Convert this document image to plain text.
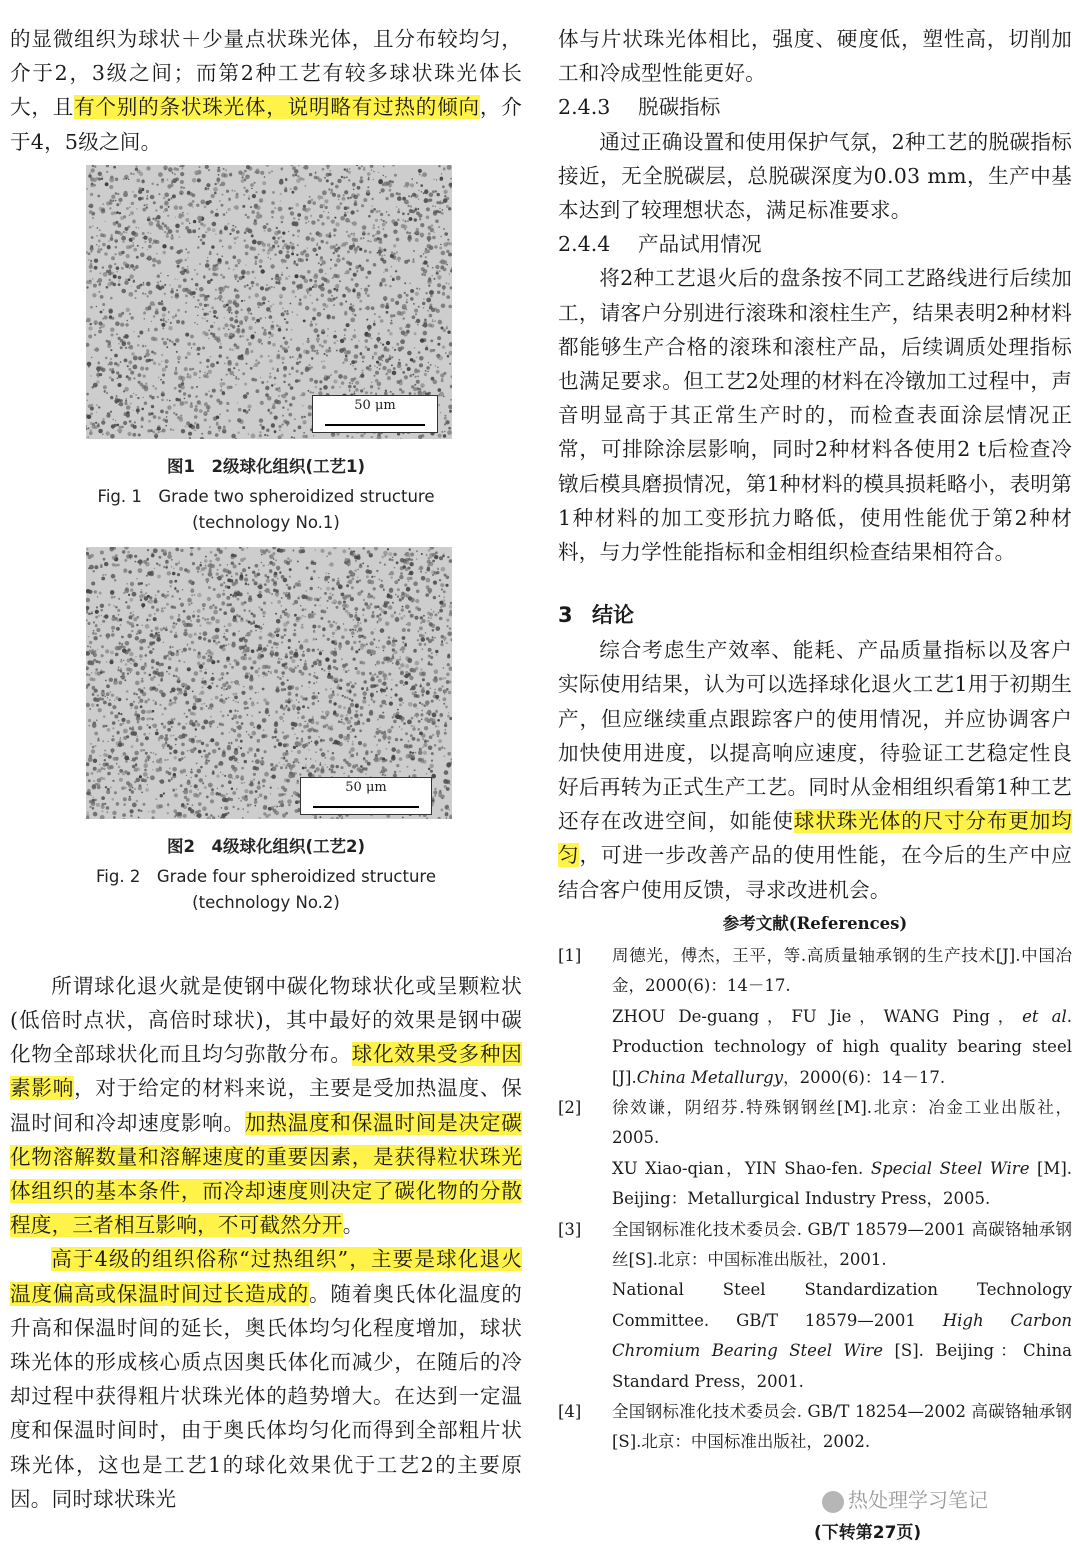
的显微组织为球状＋少量点状珠光体，且分布较均匀，介于2，3级之间；而第2种工艺有较多球状珠光体长大，且有个别的条状珠光体，说明略有过热的倾向，介于4，5级之间。

50 μm
图1　2级球化组织(工艺1)
Fig. 1　Grade two spheroidized structure
(technology No.1)
50 μm
图2　4级球化组织(工艺2)
Fig. 2　Grade four spheroidized structure
(technology No.2)

所谓球化退火就是使钢中碳化物球状化或呈颗粒状(低倍时点状，高倍时球状)，其中最好的效果是钢中碳化物全部球状化而且均匀弥散分布。球化效果受多种因素影响，对于给定的材料来说，主要是受加热温度、保温时间和冷却速度影响。加热温度和保温时间是决定碳化物溶解数量和溶解速度的重要因素，是获得粒状珠光体组织的基本条件，而冷却速度则决定了碳化物的分散程度，三者相互影响，不可截然分开。

高于4级的组织俗称“过热组织”，主要是球化退火温度偏高或保温时间过长造成的。随着奥氏体化温度的升高和保温时间的延长，奥氏体均匀化程度增加，球状珠光体的形成核心质点因奥氏体化而减少，在随后的冷却过程中获得粗片状珠光体的趋势增大。在达到一定温度和保温时间时，由于奥氏体均匀化而得到全部粗片状珠光体，这也是工艺1的球化效果优于工艺2的主要原因。同时球状珠光

体与片状珠光体相比，强度、硬度低，塑性高，切削加工和冷成型性能更好。

2.4.3 脱碳指标

通过正确设置和使用保护气氛，2种工艺的脱碳指标接近，无全脱碳层，总脱碳深度为0.03 mm，生产中基本达到了较理想状态，满足标准要求。

2.4.4 产品试用情况

将2种工艺退火后的盘条按不同工艺路线进行后续加工，请客户分别进行滚珠和滚柱生产，结果表明2种材料都能够生产合格的滚珠和滚柱产品，后续调质处理指标也满足要求。但工艺2处理的材料在冷镦加工过程中，声音明显高于其正常生产时的，而检查表面涂层情况正常，可排除涂层影响，同时2种材料各使用2 t后检查冷镦后模具磨损情况，第1种材料的模具损耗略小，表明第1种材料的加工变形抗力略低，使用性能优于第2种材料，与力学性能指标和金相组织检查结果相符合。

3 结论

综合考虑生产效率、能耗、产品质量指标以及客户实际使用结果，认为可以选择球化退火工艺1用于初期生产，但应继续重点跟踪客户的使用情况，并应协调客户加快使用进度，以提高响应速度，待验证工艺稳定性良好后再转为正式生产工艺。同时从金相组织看第1种工艺还存在改进空间，如能使球状珠光体的尺寸分布更加均匀，可进一步改善产品的使用性能，在今后的生产中应结合客户使用反馈，寻求改进机会。

参考文献(References)

[1] 周德光，傅杰，王平，等.高质量轴承钢的生产技术[J].中国冶金，2000(6)：14－17.
ZHOU De-guang，FU Jie，WANG Ping，et al. Production technology of high quality bearing steel [J].China Metallurgy，2000(6)：14－17.

[2] 徐效谦，阴绍芬.特殊钢钢丝[M].北京：冶金工业出版社，2005.
XU Xiao-qian，YIN Shao-fen. Special Steel Wire [M]. Beijing：Metallurgical Industry Press，2005.

[3] 全国钢标准化技术委员会. GB/T 18579—2001 高碳铬轴承钢丝[S].北京：中国标准出版社，2001.
National Steel Standardization Technology Committee. GB/T 18579—2001 High Carbon Chromium Bearing Steel Wire [S]. Beijing：China Standard Press，2001.

[4] 全国钢标准化技术委员会. GB/T 18254—2002 高碳铬轴承钢[S].北京：中国标准出版社，2002.

热处理学习笔记
(下转第27页)
